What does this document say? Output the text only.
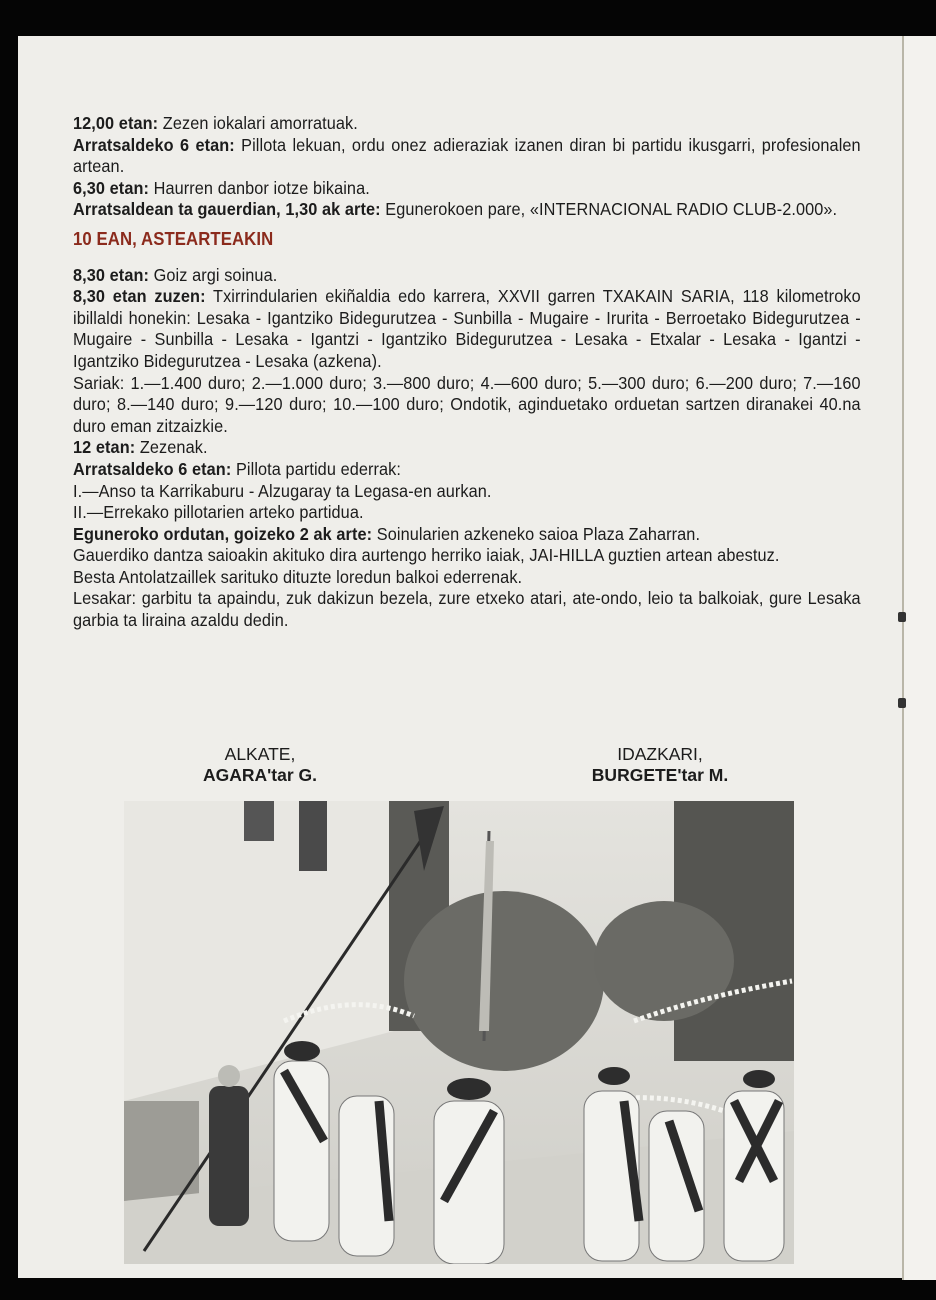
12,00 etan: Zezen iokalari amorratuak.

Arratsaldeko 6 etan: Pillota lekuan, ordu onez adieraziak izanen diran bi partidu ikusgarri, profesionalen artean.

6,30 etan: Haurren danbor iotze bikaina.

Arratsaldean ta gauerdian, 1,30 ak arte: Egunerokoen pare, «INTERNACIONAL RADIO CLUB-2.000».

10 EAN, ASTEARTEAKIN

8,30 etan: Goiz argi soinua.

8,30 etan zuzen: Txirrindularien ekiñaldia edo karrera, XXVII garren TXAKAIN SARIA, 118 kilometroko ibillaldi honekin: Lesaka - Igantziko Bidegurutzea - Sunbilla - Mugaire - Irurita - Berroetako Bidegurutzea - Mugaire - Sunbilla - Lesaka - Igantzi - Igantziko Bidegurutzea - Lesaka - Etxalar - Lesaka - Igantzi - Igantziko Bidegurutzea - Lesaka (azkena).

Sariak: 1.—1.400 duro; 2.—1.000 duro; 3.—800 duro; 4.—600 duro; 5.—300 duro; 6.—200 duro; 7.—160 duro; 8.—140 duro; 9.—120 duro; 10.—100 duro; Ondotik, aginduetako orduetan sartzen diranakei 40.na duro eman zitzaizkie.

12 etan: Zezenak.

Arratsaldeko 6 etan: Pillota partidu ederrak:

I.—Anso ta Karrikaburu - Alzugaray ta Legasa-en aurkan.

II.—Errekako pillotarien arteko partidua.

Eguneroko ordutan, goizeko 2 ak arte: Soinularien azkeneko saioa Plaza Zaharran.

Gauerdiko dantza saioakin akituko dira aurtengo herriko iaiak, JAI-HILLA guztien artean abestuz.

Besta Antolatzaillek sarituko dituzte loredun balkoi ederrenak.

Lesakar: garbitu ta apaindu, zuk dakizun bezela, zure etxeko atari, ate-ondo, leio ta balkoiak, gure Lesaka garbia ta liraina azaldu dedin.

ALKATE,
AGARA'tar G.
IDAZKARI,
BURGETE'tar M.
